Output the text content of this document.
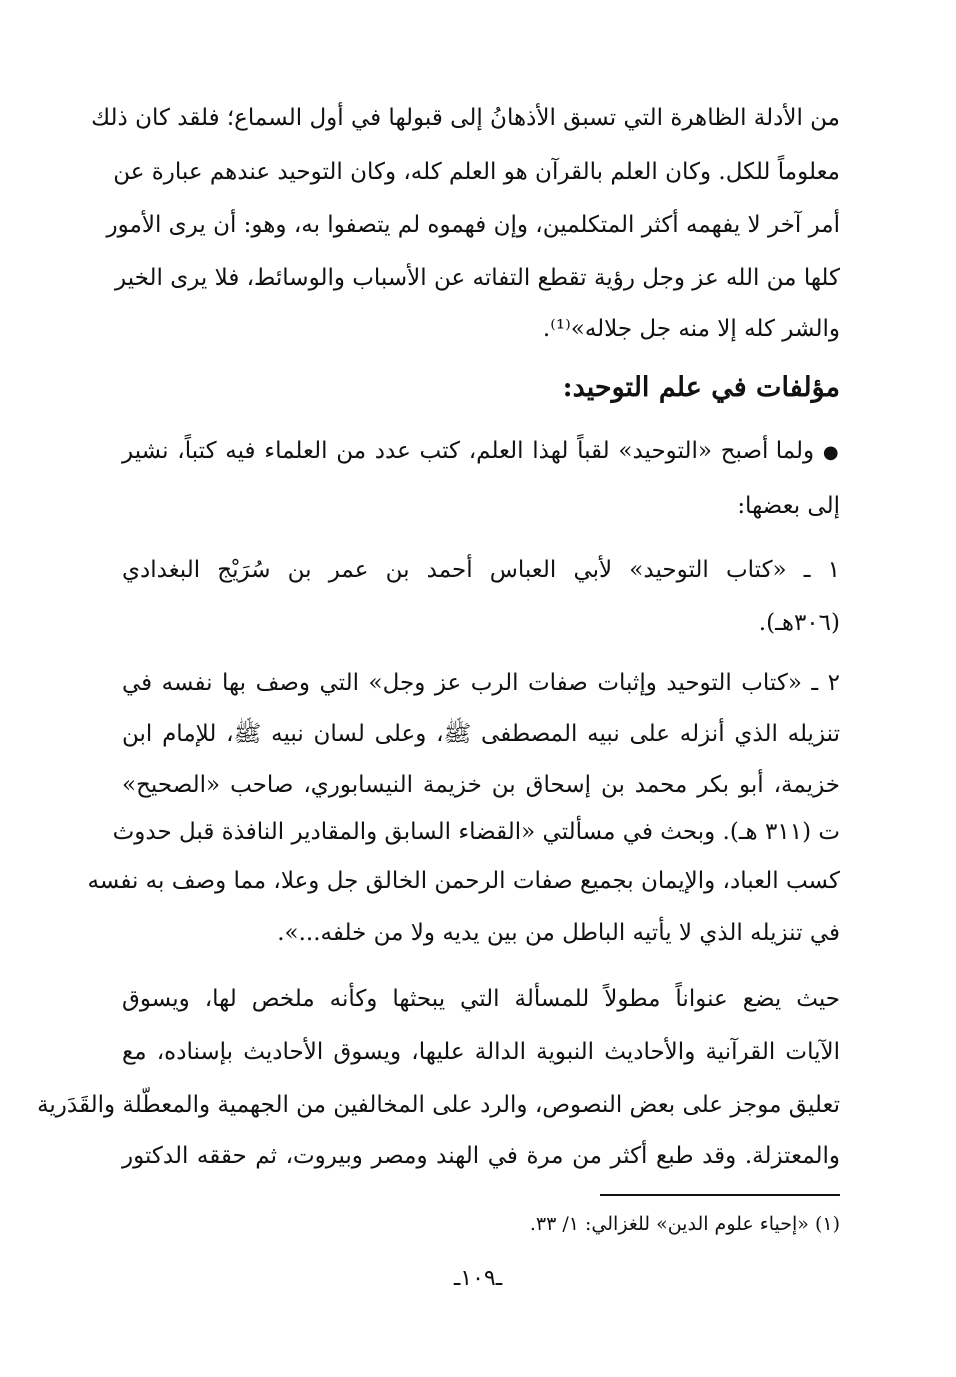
من الأدلة الظاهرة التي تسبق الأذهانُ إلى قبولها في أول السماع؛ فلقد كان ذلك
معلوماً للكل. وكان العلم بالقرآن هو العلم كله، وكان التوحيد عندهم عبارة عن
أمر آخر لا يفهمه أكثر المتكلمين، وإن فهموه لم يتصفوا به، وهو: أن يرى الأمور
كلها من الله عز وجل رؤية تقطع التفاته عن الأسباب والوسائط، فلا يرى الخير
والشر كله إلا منه جل جلاله»⁽¹⁾.
مؤلفات في علم التوحيد:
● ولما أصبح «التوحيد» لقباً لهذا العلم، كتب عدد من العلماء فيه كتباً، نشير
إلى بعضها:
١ ـ «كتاب التوحيد» لأبي العباس أحمد بن عمر بن سُرَيْج البغدادي
(٣٠٦هـ).
٢ ـ «كتاب التوحيد وإثبات صفات الرب عز وجل» التي وصف بها نفسه في
تنزيله الذي أنزله على نبيه المصطفى ﷺ، وعلى لسان نبيه ﷺ، للإمام ابن
خزيمة، أبو بكر محمد بن إسحاق بن خزيمة النيسابوري، صاحب «الصحيح»
ت (٣١١ هـ). وبحث في مسألتي «القضاء السابق والمقادير النافذة قبل حدوث
كسب العباد، والإيمان بجميع صفات الرحمن الخالق جل وعلا، مما وصف به نفسه
في تنزيله الذي لا يأتيه الباطل من بين يديه ولا من خلفه...».
حيث يضع عنواناً مطولاً للمسألة التي يبحثها وكأنه ملخص لها، ويسوق
الآيات القرآنية والأحاديث النبوية الدالة عليها، ويسوق الأحاديث بإسناده، مع
تعليق موجز على بعض النصوص، والرد على المخالفين من الجهمية والمعطّلة والقَدَرية
والمعتزلة. وقد طبع أكثر من مرة في الهند ومصر وبيروت، ثم حققه الدكتور
(١) «إحياء علوم الدين» للغزالي: ١/ ٣٣.
ـ١٠٩ـ
